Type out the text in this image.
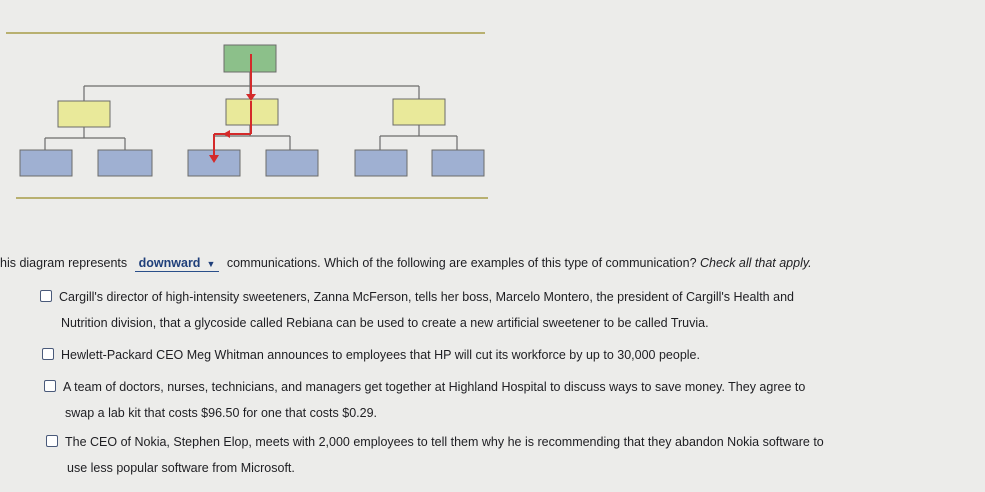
his diagram represents downward ▼ communications. Which of the following are examples of this type of communication? Check all that apply.
Cargill's director of high-intensity sweeteners, Zanna McFerson, tells her boss, Marcelo Montero, the president of Cargill's Health and
Nutrition division, that a glycoside called Rebiana can be used to create a new artificial sweetener to be called Truvia.
Hewlett-Packard CEO Meg Whitman announces to employees that HP will cut its workforce by up to 30,000 people.
A team of doctors, nurses, technicians, and managers get together at Highland Hospital to discuss ways to save money. They agree to
swap a lab kit that costs $96.50 for one that costs $0.29.
The CEO of Nokia, Stephen Elop, meets with 2,000 employees to tell them why he is recommending that they abandon Nokia software to
use less popular software from Microsoft.
